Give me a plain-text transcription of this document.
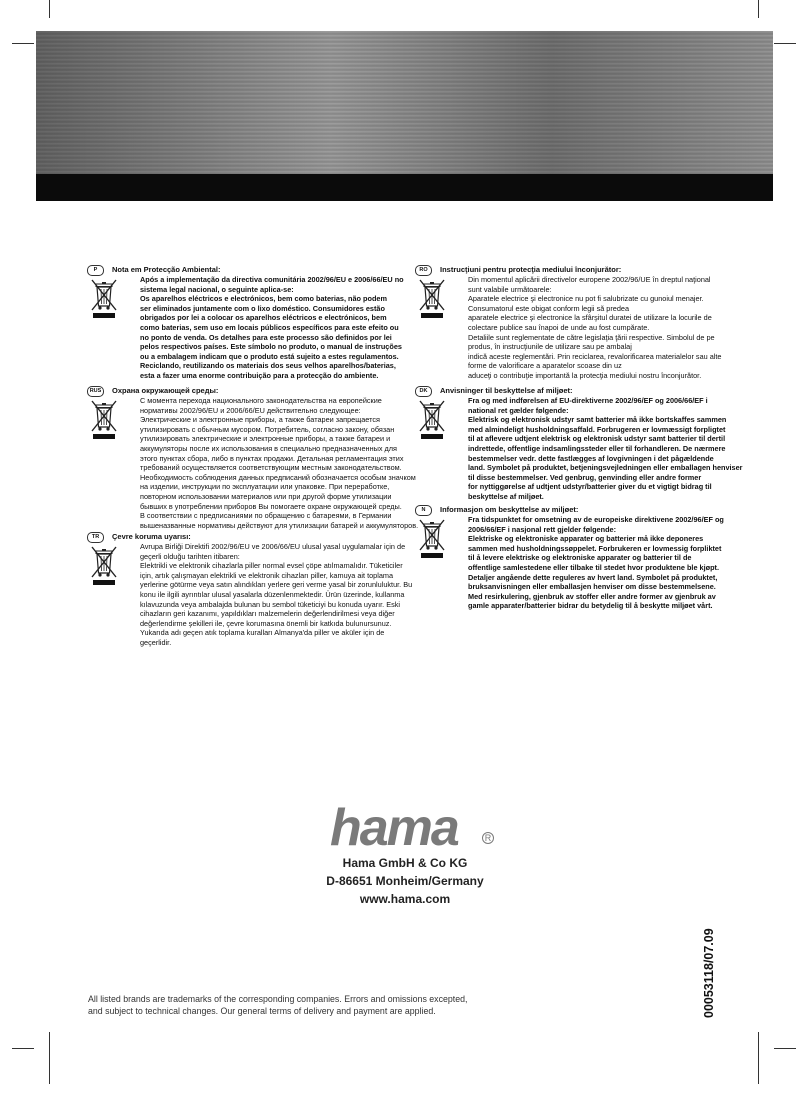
P	Nota em Protecção Ambiental:
Após a implementação da directiva comunitária 2002/96/EU e 2006/66/EU no
sistema legal nacional, o seguinte aplica-se:
Os aparelhos eléctricos e electrónicos, bem como baterias, não podem
ser eliminados juntamente com o lixo doméstico. Consumidores estão
obrigados por lei a colocar os aparelhos eléctricos e electrónicos, bem
como baterias, sem uso em locais públicos específicos para este efeito ou
no ponto de venda. Os detalhes para este processo são definidos por lei
pelos respectivos países. Este símbolo no produto, o manual de instruções
ou a embalagem indicam que o produto está sujeito a estes regulamentos.
Reciclando, reutilizando os materiais dos seus velhos aparelhos/baterias,
esta a fazer uma enorme contribuição para a protecção do ambiente.
RUS	Охрана окружающей среды:
С момента перехода национального законодательства на европейские
нормативы 2002/96/EU и 2006/66/EU действительно следующее:
Электрические и электронные приборы, а также батареи запрещается
утилизировать с обычным мусором. Потребитель, согласно закону, обязан
утилизировать электрические и электронные приборы, а также батареи и
аккумуляторы после их использования в специально предназначенных для
этого пунктах сбора, либо в пунктах продажи. Детальная регламентация этих
требований осуществляется соответствующим местным законодательством.
Необходимость соблюдения данных предписаний обозначается особым значком
на изделии, инструкции по эксплуатации или упаковке. При переработке,
повторном использовании материалов или при другой форме утилизации
бывших в употреблении приборов Вы помогаете охране окружающей среды.
В соответствии с предписаниями по обращению с батареями, в Германии
вышеназванные нормативы действуют для утилизации батарей и аккумуляторов.
TR	Çevre koruma uyarısı:
Avrupa Birliği Direktifi 2002/96/EU ve 2006/66/EU ulusal yasal uygulamalar için de
geçerli olduğu tarihten itibaren:
Elektrikli ve elektronik cihazlarla piller normal evsel çöpe atılmamalıdır. Tüketiciler
için, artık çalışmayan elektrikli ve elektronik cihazları piller, kamuya ait toplama
yerlerine götürme veya satın alındıkları yerlere geri verme yasal bir zorunluluktur. Bu
konu ile ilgili ayrıntılar ulusal yasalarla düzenlenmektedir. Ürün üzerinde, kullanma
kılavuzunda veya ambalajda bulunan bu sembol tüketiciyi bu konuda uyarır. Eski
cihazların geri kazanımı, yapıldıkları malzemelerin değerlendirilmesi veya diğer
değerlendirme şekilleri ile, çevre korumasına önemli bir katkıda bulunursunuz.
Yukarıda adı geçen atık toplama kuralları Almanya'da piller ve aküler için de
geçerlidir.
RO	Instrucţiuni pentru protecţia mediului înconjurător:
Din momentul aplicării directivelor europene 2002/96/UE în dreptul naţional
sunt valabile următoarele:
Aparatele electrice şi electronice nu pot fi salubrizate cu gunoiul menajer.
Consumatorul este obigat conform legii să predea
aparatele electrice şi electronice la sfârşitul duratei de utilizare la locurile de
colectare publice sau înapoi de unde au fost cumpărate.
Detaliile sunt reglementate de către legislaţia ţării respective. Simbolul de pe
produs, în instrucţiunile de utilizare sau pe ambalaj
indică aceste reglementări. Prin reciclarea, revalorificarea materialelor sau alte
forme de valorificare a aparatelor scoase din uz
aduceţi o contribuţie importantă la protecţia mediului nostru înconjurător.
DK	Anvisninger til beskyttelse af miljøet:
Fra og med indførelsen af EU-direktiverne 2002/96/EF og 2006/66/EF i
national ret gælder følgende:
Elektrisk og elektronisk udstyr samt batterier må ikke bortskaffes sammen
med almindeligt husholdningsaffald. Forbrugeren er lovmæssigt forpligtet
til at aflevere udtjent elektrisk og elektronisk udstyr samt batterier til dertil
indrettede, offentlige indsamlingssteder eller til forhandleren. De nærmere
bestemmelser vedr. dette fastlægges af lovgivningen i det pågældende
land. Symbolet på produktet, betjeningsvejledningen eller emballagen henviser
til disse bestemmelser. Ved genbrug, genvinding eller andre former
for nyttiggørelse af udtjent udstyr/batterier giver du et vigtigt bidrag til
beskyttelse af miljøet.
N	Informasjon om beskyttelse av miljøet:
Fra tidspunktet for omsetning av de europeiske direktivene 2002/96/EF og
2006/66/EF i nasjonal rett gjelder følgende:
Elektriske og elektroniske apparater og batterier må ikke deponeres
sammen med husholdningssøppelet. Forbrukeren er lovmessig forpliktet
til å levere elektriske og elektroniske apparater og batterier til de
offentlige samlestedene eller tilbake til stedet hvor produktene ble kjøpt.
Detaljer angående dette reguleres av hvert land. Symbolet på produktet,
bruksanvisningen eller emballasjen henviser om disse bestemmelsene.
Med resirkulering, gjenbruk av stoffer eller andre former av gjenbruk av
gamle apparater/batterier bidrar du betydelig til å beskytte miljøet vårt.
hama	R
Hama GmbH & Co KG
D-86651 Monheim/Germany
www.hama.com
00053118/07.09
All listed brands are trademarks of the corresponding companies. Errors and omissions excepted,
and subject to technical changes. Our general terms of delivery and payment are applied.
